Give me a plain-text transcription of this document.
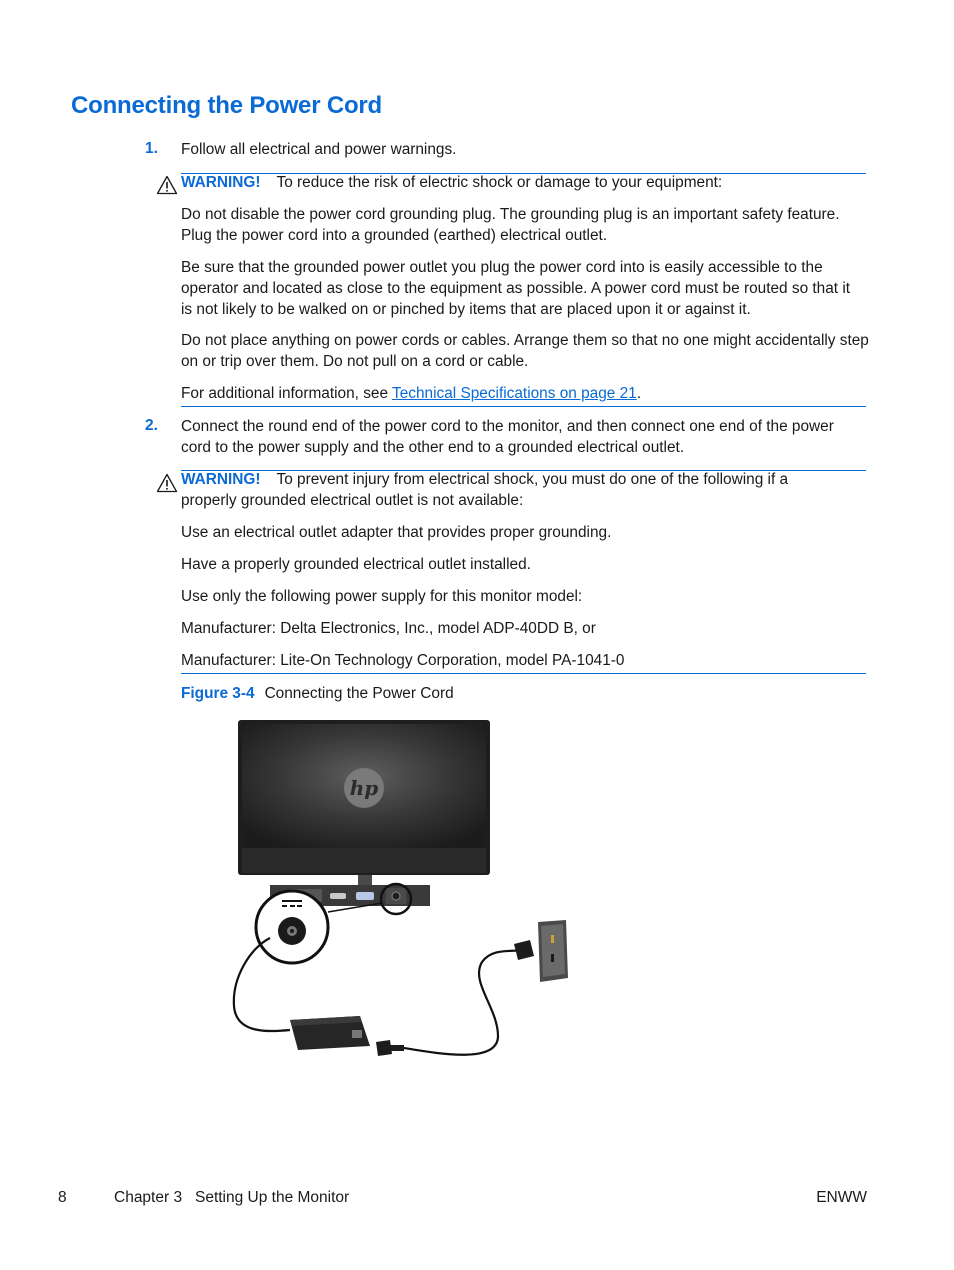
Connecting the Power Cord
1. Follow all electrical and power warnings.
WARNING! To reduce the risk of electric shock or damage to your equipment:
Do not disable the power cord grounding plug. The grounding plug is an important safety feature. Plug the power cord into a grounded (earthed) electrical outlet.
Be sure that the grounded power outlet you plug the power cord into is easily accessible to the operator and located as close to the equipment as possible. A power cord must be routed so that it is not likely to be walked on or pinched by items that are placed upon it or against it.
Do not place anything on power cords or cables. Arrange them so that no one might accidentally step on or trip over them. Do not pull on a cord or cable.
For additional information, see Technical Specifications on page 21.
2. Connect the round end of the power cord to the monitor, and then connect one end of the power cord to the power supply and the other end to a grounded electrical outlet.
WARNING! To prevent injury from electrical shock, you must do one of the following if a properly grounded electrical outlet is not available:
Use an electrical outlet adapter that provides proper grounding.
Have a properly grounded electrical outlet installed.
Use only the following power supply for this monitor model:
Manufacturer: Delta Electronics, Inc., model ADP-40DD B, or
Manufacturer: Lite-On Technology Corporation, model PA-1041-0
Figure 3-4 Connecting the Power Cord
hp
8	Chapter 3   Setting Up the Monitor	ENWW
